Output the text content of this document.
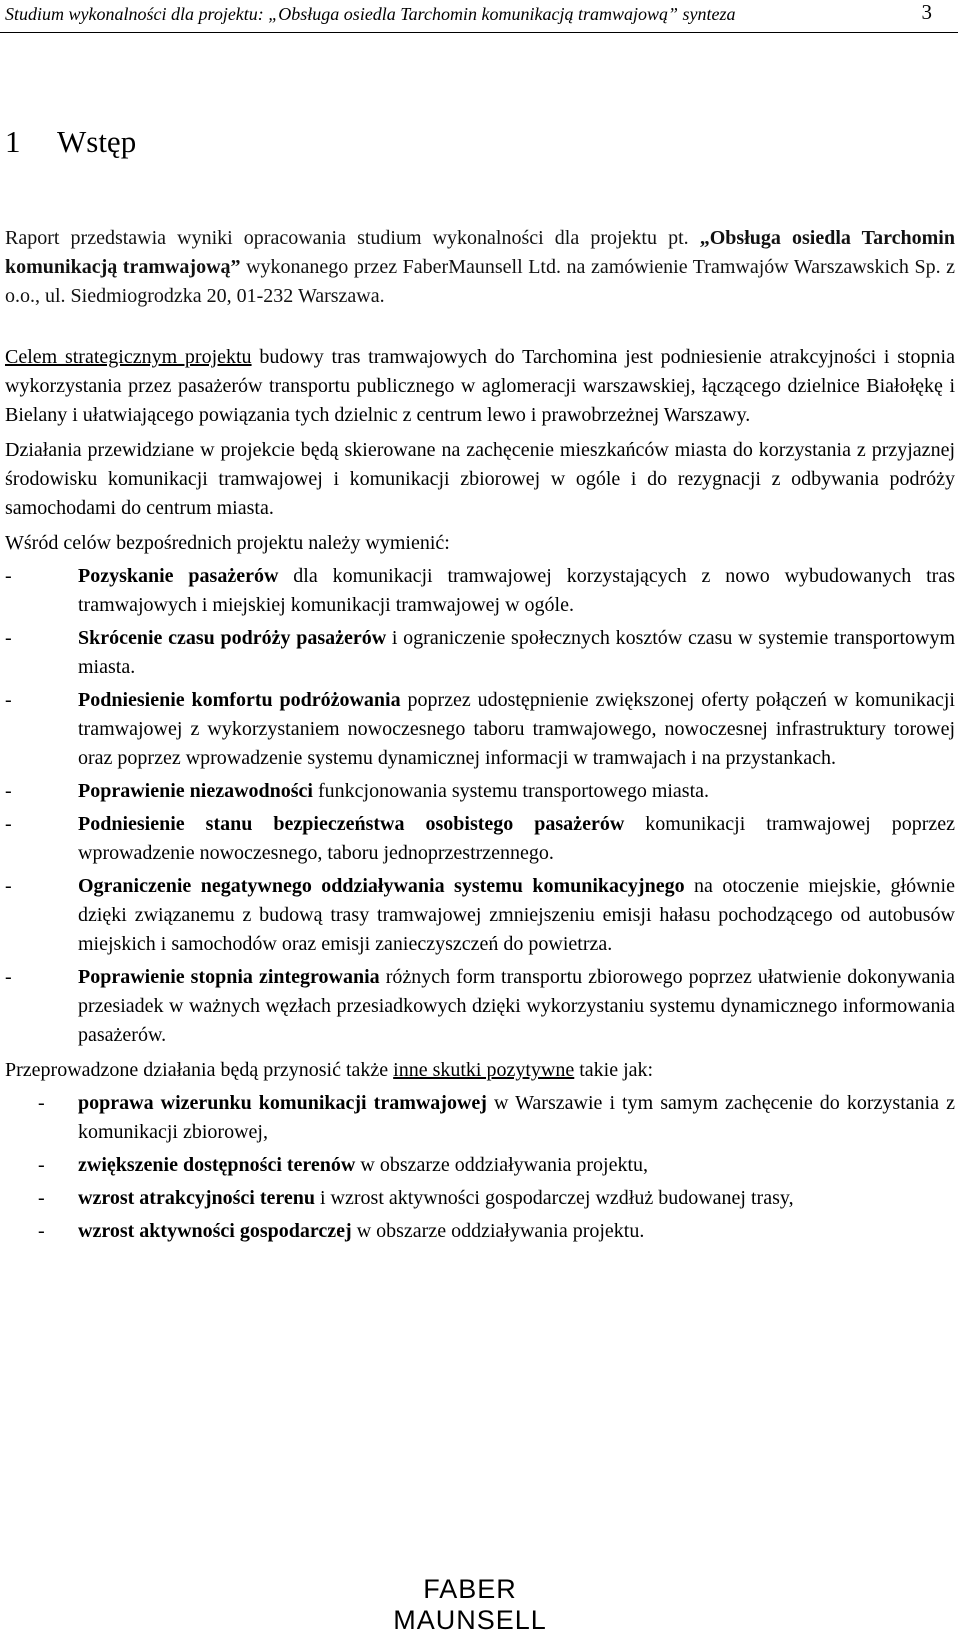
Studium wykonalności dla projektu: „Obsługa osiedla Tarchomin komunikacją tramwajową” synteza	3
1 Wstęp

Raport przedstawia wyniki opracowania studium wykonalności dla projektu pt. „Obsługa osiedla Tarchomin komunikacją tramwajową” wykonanego przez FaberMaunsell Ltd. na zamówienie Tramwajów Warszawskich Sp. z o.o., ul. Siedmiogrodzka 20, 01-232 Warszawa.

Celem strategicznym projektu budowy tras tramwajowych do Tarchomina jest podniesienie atrakcyjności i stopnia wykorzystania przez pasażerów transportu publicznego w aglomeracji warszawskiej, łączącego dzielnice Białołękę i Bielany i ułatwiającego powiązania tych dzielnic z centrum lewo i prawobrzeżnej Warszawy.

Działania przewidziane w projekcie będą skierowane na zachęcenie mieszkańców miasta do korzystania z przyjaznej środowisku komunikacji tramwajowej i komunikacji zbiorowej w ogóle i do rezygnacji z odbywania podróży samochodami do centrum miasta.

Wśród celów bezpośrednich projektu należy wymienić:

-	Pozyskanie pasażerów dla komunikacji tramwajowej korzystających z nowo wybudowanych tras tramwajowych i miejskiej komunikacji tramwajowej w ogóle.
-	Skrócenie czasu podróży pasażerów i ograniczenie społecznych kosztów czasu w systemie transportowym miasta.
-	Podniesienie komfortu podróżowania poprzez udostępnienie zwiększonej oferty połączeń w komunikacji tramwajowej z wykorzystaniem nowoczesnego taboru tramwajowego, nowoczesnej infrastruktury torowej oraz poprzez wprowadzenie systemu dynamicznej informacji w tramwajach i na przystankach.
-	Poprawienie niezawodności funkcjonowania systemu transportowego miasta.
-	Podniesienie stanu bezpieczeństwa osobistego pasażerów komunikacji tramwajowej poprzez wprowadzenie nowoczesnego, taboru jednoprzestrzennego.
-	Ograniczenie negatywnego oddziaływania systemu komunikacyjnego na otoczenie miejskie, głównie dzięki związanemu z budową trasy tramwajowej zmniejszeniu emisji hałasu pochodzącego od autobusów miejskich i samochodów oraz emisji zanieczyszczeń do powietrza.
-	Poprawienie stopnia zintegrowania różnych form transportu zbiorowego poprzez ułatwienie dokonywania przesiadek w ważnych węzłach przesiadkowych dzięki wykorzystaniu systemu dynamicznego informowania pasażerów.

Przeprowadzone działania będą przynosić także inne skutki pozytywne takie jak:

- poprawa wizerunku komunikacji tramwajowej w Warszawie i tym samym zachęcenie do korzystania z komunikacji zbiorowej,
- zwiększenie dostępności terenów w obszarze oddziaływania projektu,
- wzrost atrakcyjności terenu i wzrost aktywności gospodarczej wzdłuż budowanej trasy,
- wzrost aktywności gospodarczej w obszarze oddziaływania projektu.
FABER MAUNSELL
